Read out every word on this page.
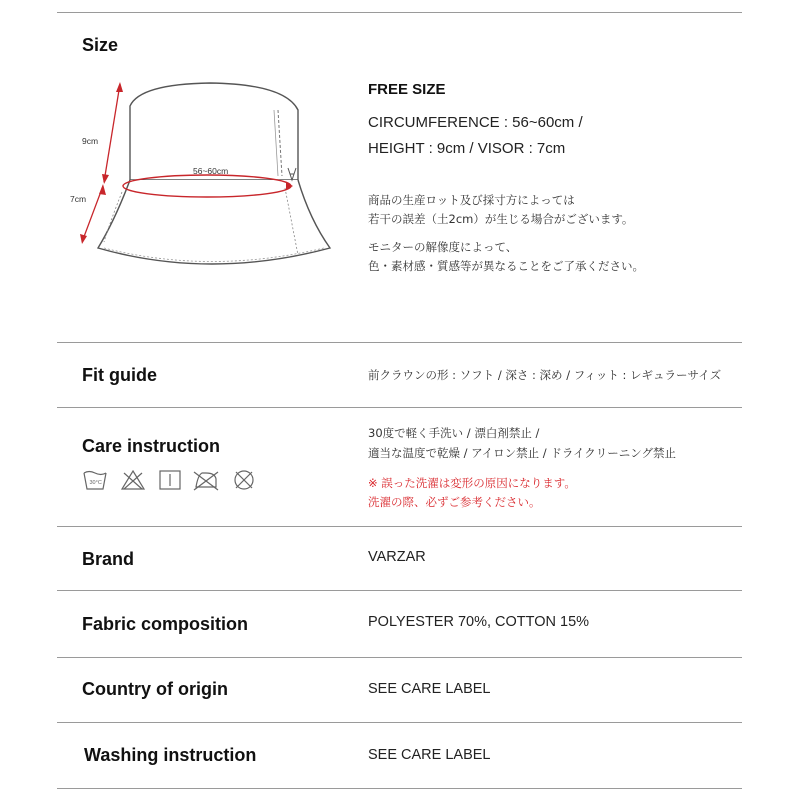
Size
9cm
7cm
56~60cm
FREE SIZE
CIRCUMFERENCE : 56~60cm /
HEIGHT : 9cm / VISOR : 7cm
商品の生産ロット及び採寸方によっては
若干の誤差（土2cm）が生じる場合がございます。
モニターの解像度によって、
色・素材感・質感等が異なることをご了承ください。
Fit guide	前クラウンの形 : ソフト / 深さ : 深め / フィット : レギュラーサイズ
Care instruction
30度で軽く手洗い / 漂白剤禁止 /
適当な温度で乾燥 / アイロン禁止 / ドライクリーニング禁止
※ 誤った洗濯は変形の原因になります。
洗濯の際、必ずご参考ください。
30°C
Brand	VARZAR
Fabric composition	POLYESTER 70%, COTTON 15%
Country of origin	SEE CARE LABEL
Washing instruction	SEE CARE LABEL
